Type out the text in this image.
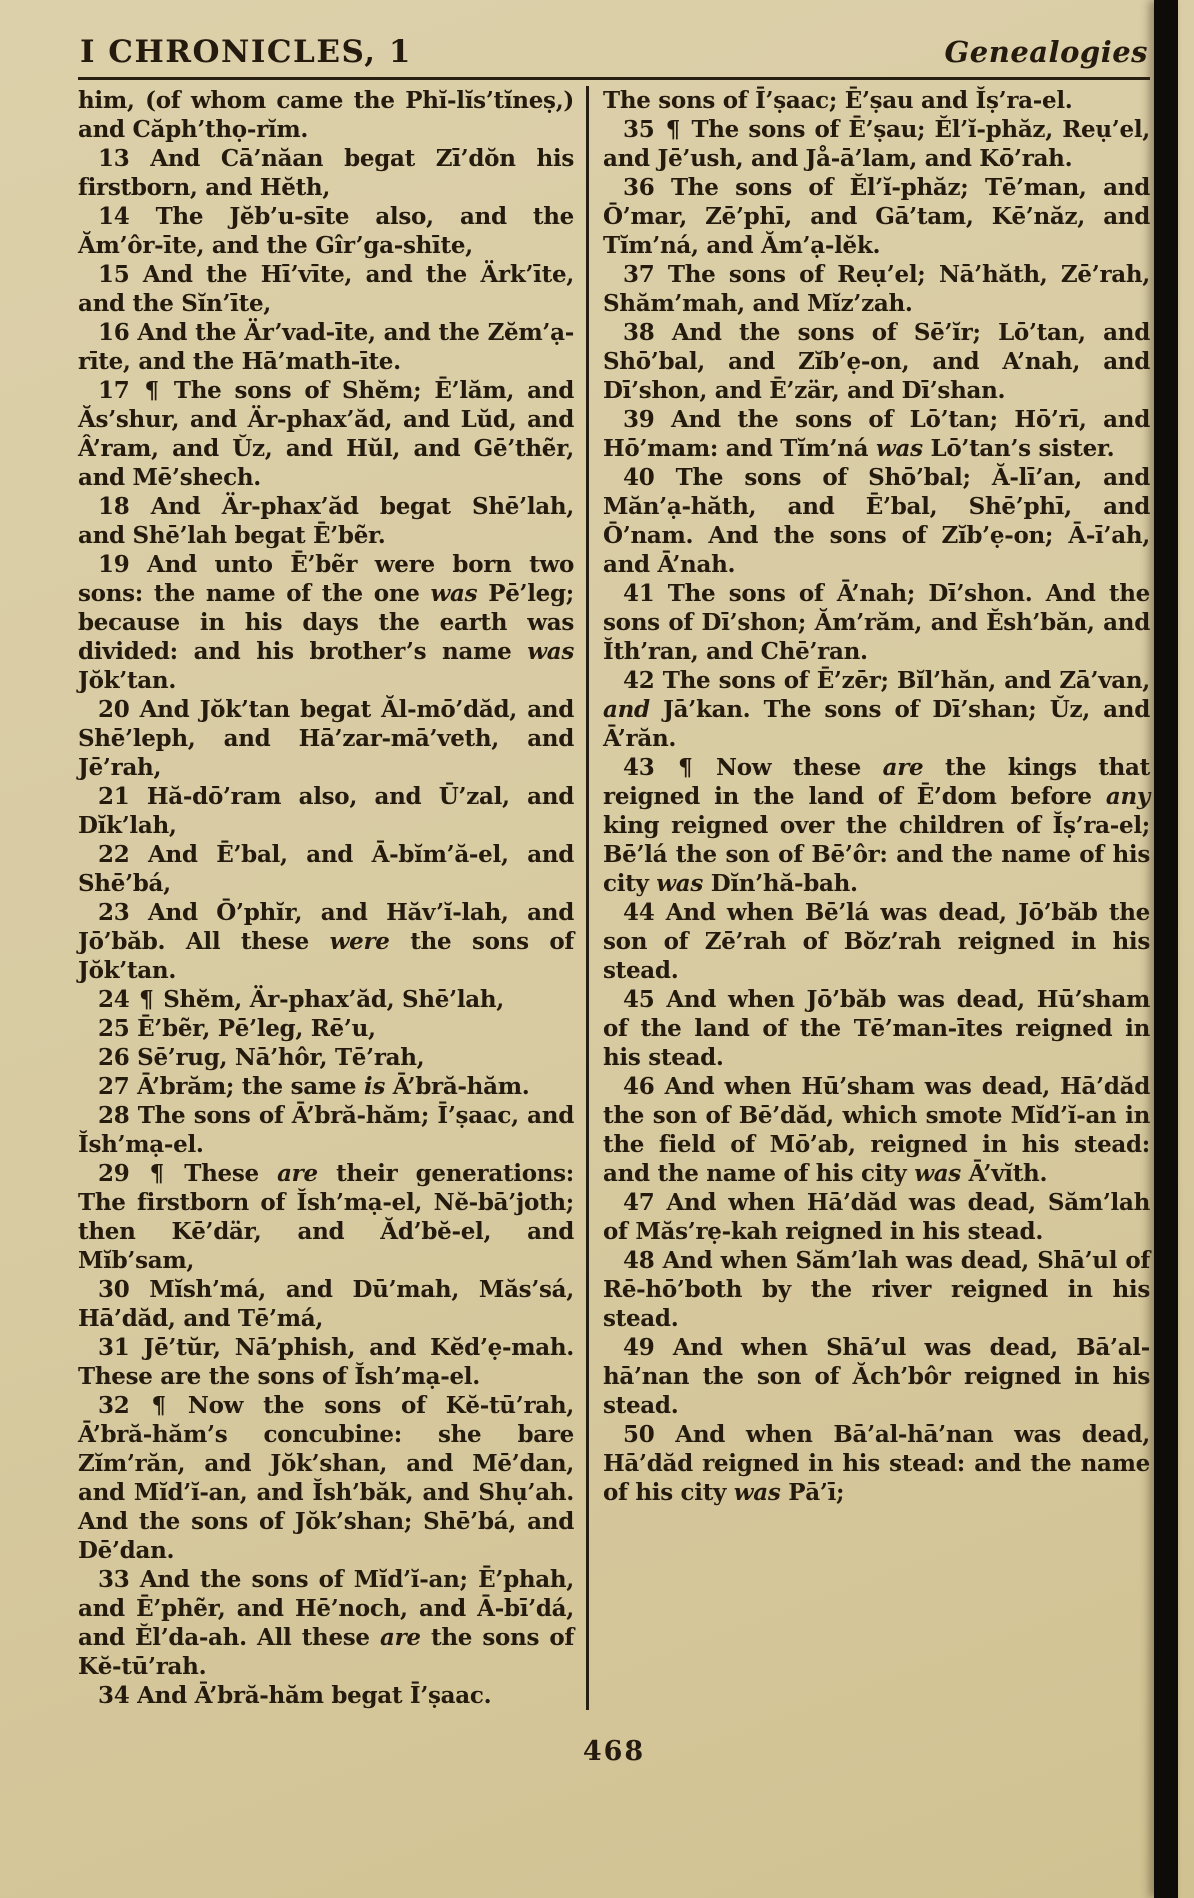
I CHRONICLES, 1	Genealogies

him, (of whom came the Phĭ-lĭs’tĭneṣ,) and Căph’thọ-rĭm.

13 And Cā’năan begat Zī’dŏn his firstborn, and Hĕth,

14 The Jĕb’u-sīte also, and the Ăm’ôr-īte, and the Gîr’ga-shīte,

15 And the Hī’vīte, and the Ärk’īte, and the Sĭn’īte,

16 And the Är’vad-īte, and the Zĕm’ạ-rīte, and the Hā’math-īte.

17 ¶ The sons of Shĕm; Ē’lăm, and Ăs’shur, and Är-phax’ăd, and Lŭd, and Â’ram, and Ŭz, and Hŭl, and Gē’thẽr, and Mē’shech.

18 And Är-phax’ăd begat Shē’lah, and Shē’lah begat Ē’bẽr.

19 And unto Ē’bẽr were born two sons: the name of the one was Pē’leg; because in his days the earth was divided: and his brother’s name was Jŏk’tan.

20 And Jŏk’tan begat Ăl-mō’dăd, and Shē’leph, and Hā’zar-mā’veth, and Jē’rah,

21 Hă-dō’ram also, and Ū’zal, and Dĭk’lah,

22 And Ē’bal, and Ā-bĭm’ă-el, and Shē’bá,

23 And Ō’phĭr, and Hăv’ĭ-lah, and Jō’băb. All these were the sons of Jŏk’tan.

24 ¶ Shĕm, Är-phax’ăd, Shē’lah,

25 Ē’bẽr, Pē’leg, Rē’u,

26 Sē’rug, Nā’hôr, Tē’rah,

27 Ā’brăm; the same is Ā’bră-hăm.

28 The sons of Ā’bră-hăm; Ī’ṣaac, and Ĭsh’mạ-el.

29 ¶ These are their generations: The firstborn of Ĭsh’mạ-el, Nĕ-bā’joth; then Kē’där, and Ăd’bĕ-el, and Mĭb’sam,

30 Mĭsh’má, and Dū’mah, Măs’sá, Hā’dăd, and Tē’má,

31 Jē’tŭr, Nā’phish, and Kĕd’ẹ-mah. These are the sons of Ĭsh’mạ-el.

32 ¶ Now the sons of Kĕ-tū’rah, Ā’bră-hăm’s concubine: she bare Zĭm’răn, and Jŏk’shan, and Mē’dan, and Mĭd’ĭ-an, and Ĭsh’băk, and Shụ’ah. And the sons of Jŏk’shan; Shē’bá, and Dē’dan.

33 And the sons of Mĭd’ĭ-an; Ē’phah, and Ē’phẽr, and Hē’noch, and Ā-bī’dá, and Ĕl’da-ah. All these are the sons of Kĕ-tū’rah.

34 And Ā’bră-hăm begat Ī’ṣaac.

The sons of Ī’ṣaac; Ē’ṣau and Ĭṣ’ra-el.

35 ¶ The sons of Ē’ṣau; Ĕl’ĭ-phăz, Reụ’el, and Jē’ush, and Jå-ā’lam, and Kō’rah.

36 The sons of Ĕl’ĭ-phăz; Tē’man, and Ō’mar, Zē’phī, and Gā’tam, Kē’năz, and Tĭm’ná, and Ăm’ạ-lĕk.

37 The sons of Reụ’el; Nā’hăth, Zē’rah, Shăm’mah, and Mĭz’zah.

38 And the sons of Sē’ĭr; Lō’tan, and Shō’bal, and Zĭb’ẹ-on, and A’nah, and Dī’shon, and Ē’zär, and Dī’shan.

39 And the sons of Lō’tan; Hō’rī, and Hō’mam: and Tĭm’ná was Lō’tan’s sister.

40 The sons of Shō’bal; Ă-lī’an, and Măn’ạ-hăth, and Ē’bal, Shē’phī, and Ō’nam. And the sons of Zĭb’ẹ-on; Ā-ī’ah, and Ā’nah.

41 The sons of Ā’nah; Dī’shon. And the sons of Dī’shon; Ăm’răm, and Ĕsh’băn, and Ĭth’ran, and Chē’ran.

42 The sons of Ē’zēr; Bĭl’hăn, and Zā’van, and Jā’kan. The sons of Dī’shan; Ŭz, and Ā’răn.

43 ¶ Now these are the kings that reigned in the land of Ē’dom before any king reigned over the children of Ĭṣ’ra-el; Bē’lá the son of Bē’ôr: and the name of his city was Dĭn’hă-bah.

44 And when Bē’lá was dead, Jō’băb the son of Zē’rah of Bŏz’rah reigned in his stead.

45 And when Jō’băb was dead, Hū’sham of the land of the Tē’man-ītes reigned in his stead.

46 And when Hū’sham was dead, Hā’dăd the son of Bē’dăd, which smote Mĭd’ĭ-an in the field of Mō’ab, reigned in his stead: and the name of his city was Ā’vĭth.

47 And when Hā’dăd was dead, Săm’lah of Măs’rẹ-kah reigned in his stead.

48 And when Săm’lah was dead, Shā’ul of Rē-hō’both by the river reigned in his stead.

49 And when Shā’ul was dead, Bā’al-hā’nan the son of Ăch’bôr reigned in his stead.

50 And when Bā’al-hā’nan was dead, Hā’dăd reigned in his stead: and the name of his city was Pā’ī;

468
